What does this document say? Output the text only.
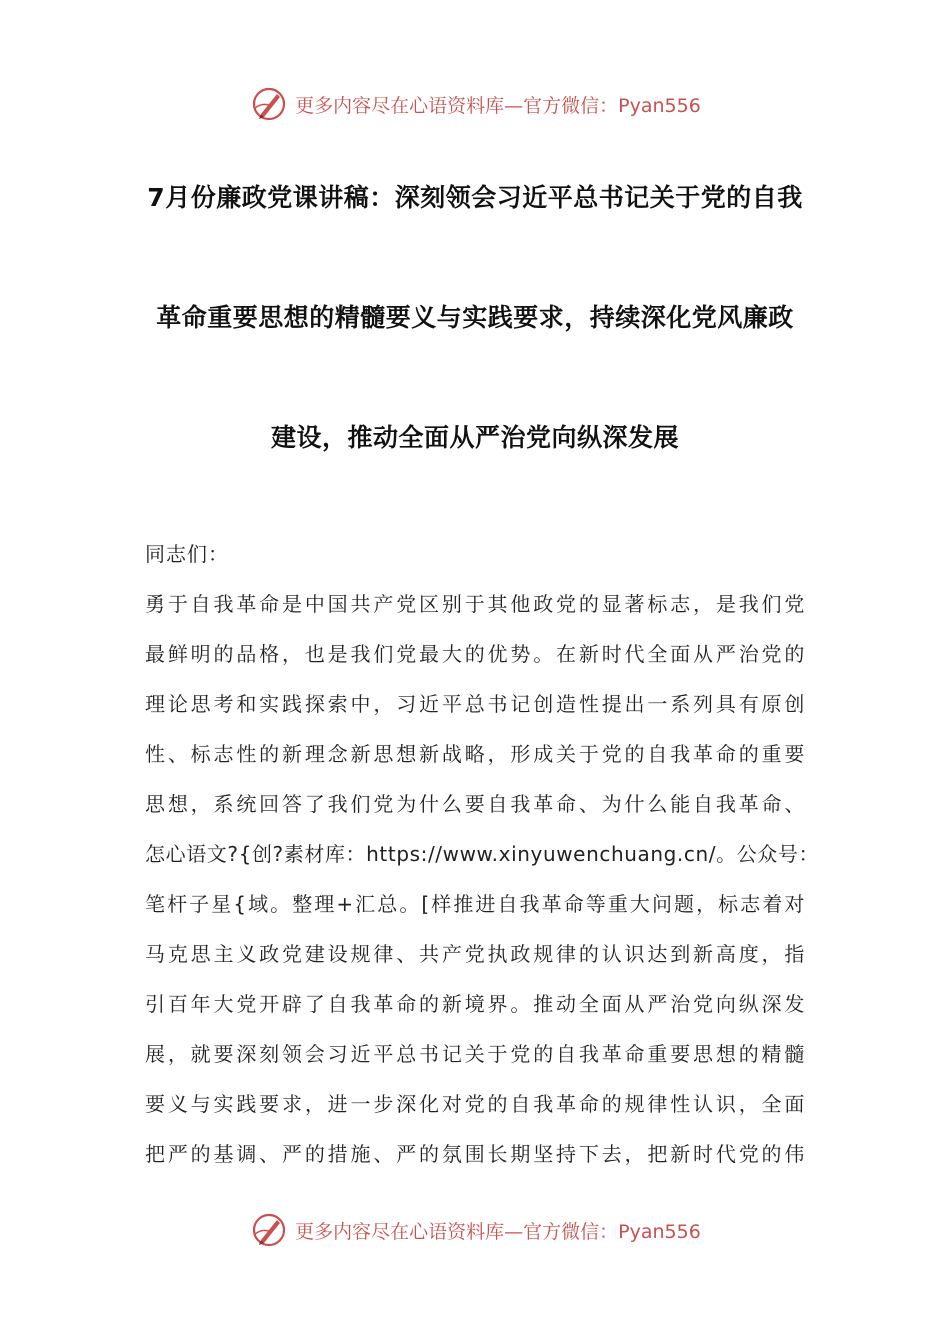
更多内容尽在心语资料库—官方微信：Pyan556
7月份廉政党课讲稿：深刻领会习近平总书记关于党的自我
革命重要思想的精髓要义与实践要求，持续深化党风廉政
建设，推动全面从严治党向纵深发展
同志们：
勇于自我革命是中国共产党区别于其他政党的显著标志，是我们党
最鲜明的品格，也是我们党最大的优势。在新时代全面从严治党的
理论思考和实践探索中，习近平总书记创造性提出一系列具有原创
性、标志性的新理念新思想新战略，形成关于党的自我革命的重要
思想，系统回答了我们党为什么要自我革命、为什么能自我革命、
怎心语文?{创?素材库：https://www.xinyuwenchuang.cn/。公众号：
笔杆子星{域。整理+汇总。[样推进自我革命等重大问题，标志着对
马克思主义政党建设规律、共产党执政规律的认识达到新高度，指
引百年大党开辟了自我革命的新境界。推动全面从严治党向纵深发
展，就要深刻领会习近平总书记关于党的自我革命重要思想的精髓
要义与实践要求，进一步深化对党的自我革命的规律性认识，全面
把严的基调、严的措施、严的氛围长期坚持下去，把新时代党的伟
更多内容尽在心语资料库—官方微信：Pyan556
